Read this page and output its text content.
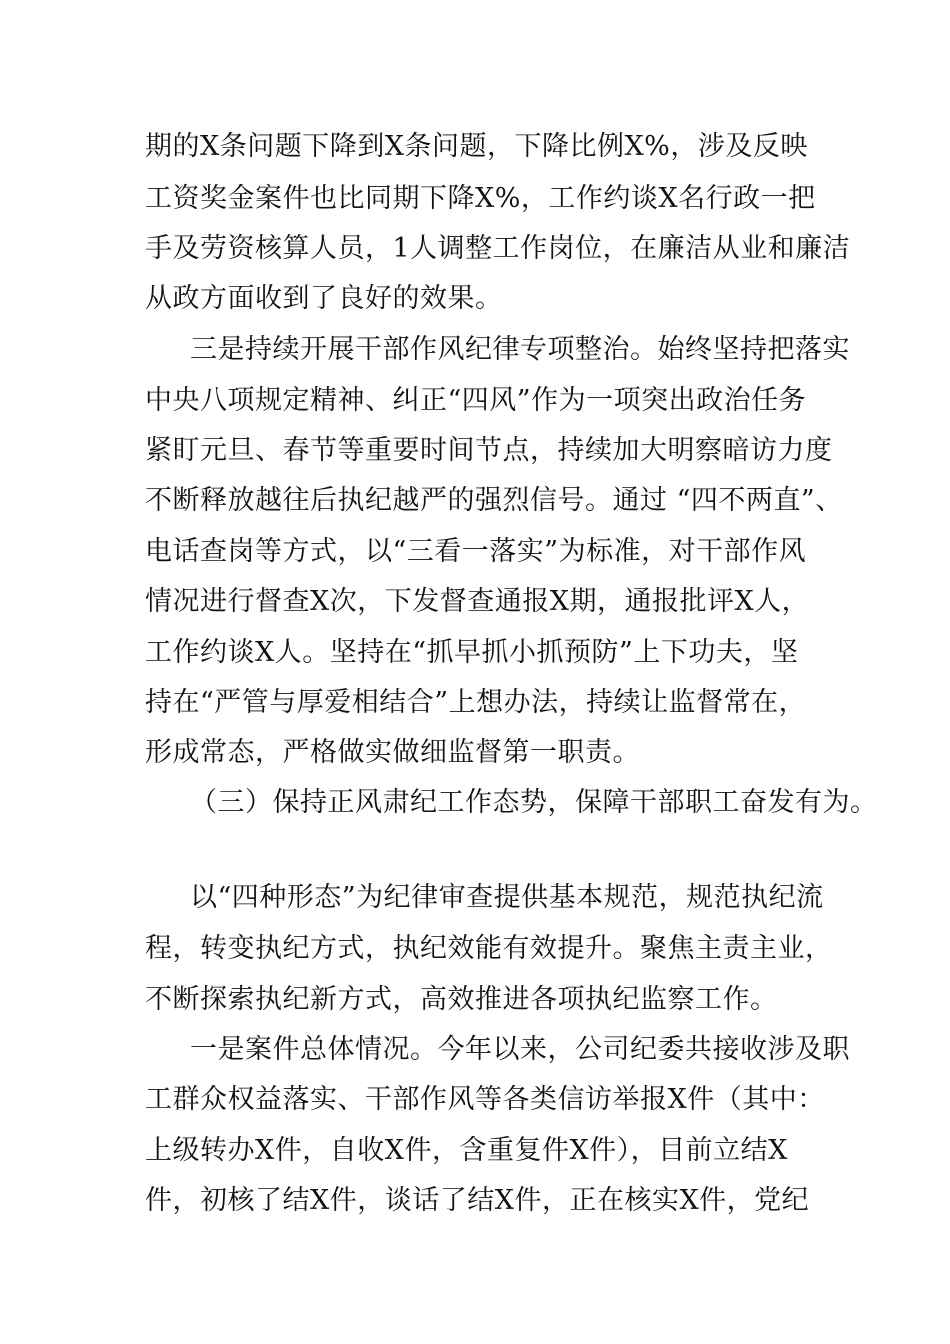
期的X条问题下降到X条问题，下降比例X%，涉及反映
工资奖金案件也比同期下降X%，工作约谈X名行政一把
手及劳资核算人员，1人调整工作岗位，在廉洁从业和廉洁
从政方面收到了良好的效果。
三是持续开展干部作风纪律专项整治。始终坚持把落实
中央八项规定精神、纠正“四风”作为一项突出政治任务
紧盯元旦、春节等重要时间节点，持续加大明察暗访力度
不断释放越往后执纪越严的强烈信号。通过 “四不两直”、
电话查岗等方式，以“三看一落实”为标准，对干部作风
情况进行督查X次，下发督查通报X期，通报批评X人，
工作约谈X人。坚持在“抓早抓小抓预防”上下功夫，坚
持在“严管与厚爱相结合”上想办法，持续让监督常在，
形成常态，严格做实做细监督第一职责。
（三）保持正风肃纪工作态势，保障干部职工奋发有为。
以“四种形态”为纪律审查提供基本规范，规范执纪流
程，转变执纪方式，执纪效能有效提升。聚焦主责主业，
不断探索执纪新方式，高效推进各项执纪监察工作。
一是案件总体情况。今年以来，公司纪委共接收涉及职
工群众权益落实、干部作风等各类信访举报X件（其中：
上级转办X件，自收X件，含重复件X件），目前立结X
件，初核了结X件，谈话了结X件，正在核实X件，党纪
